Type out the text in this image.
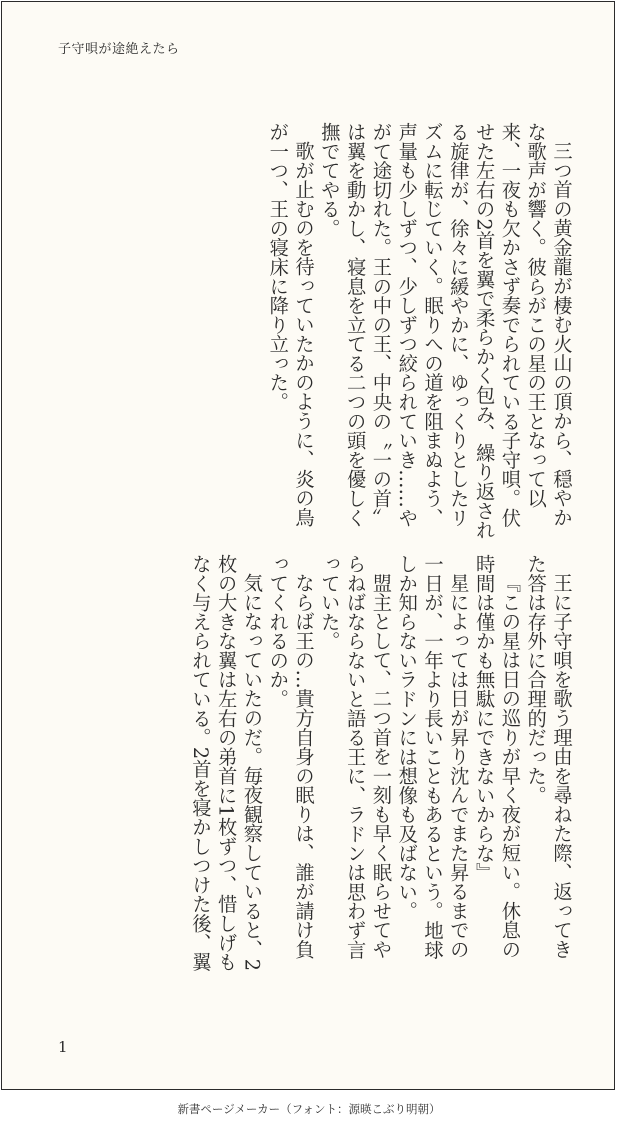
子守唄が途絶えたら

三つ首の黄金龍が棲む火山の頂から、穏やかな歌声が響く。彼らがこの星の王となって以来、一夜も欠かさず奏でられている子守唄。伏せた左右の2首を翼で柔らかく包み、繰り返される旋律が、徐々に緩やかに、ゆっくりとしたリズムに転じていく。眠りへの道を阻まぬよう、声量も少しずつ、少しずつ絞られていき……やがて途切れた。王の中の王、中央の〝一の首〟は翼を動かし、寝息を立てる二つの頭を優しく撫でてやる。

歌が止むのを待っていたかのように、炎の鳥が一つ、王の寝床に降り立った。

王に子守唄を歌う理由を尋ねた際、返ってきた答は存外に合理的だった。

『この星は日の巡りが早く夜が短い。休息の時間は僅かも無駄にできないからな』

星によっては日が昇り沈んでまた昇るまでの一日が、一年より長いこともあるという。地球しか知らないラドンには想像も及ばない。

盟主として、二つ首を一刻も早く眠らせてやらねばならないと語る王に、ラドンは思わず言っていた。

ならば王の…貴方自身の眠りは、誰が請け負ってくれるのか。

気になっていたのだ。毎夜観察していると、2枚の大きな翼は左右の弟首に1枚ずつ、惜しげもなく与えられている。2首を寝かしつけた後、翼

1
新書ページメーカー（フォント：源暎こぶり明朝）
